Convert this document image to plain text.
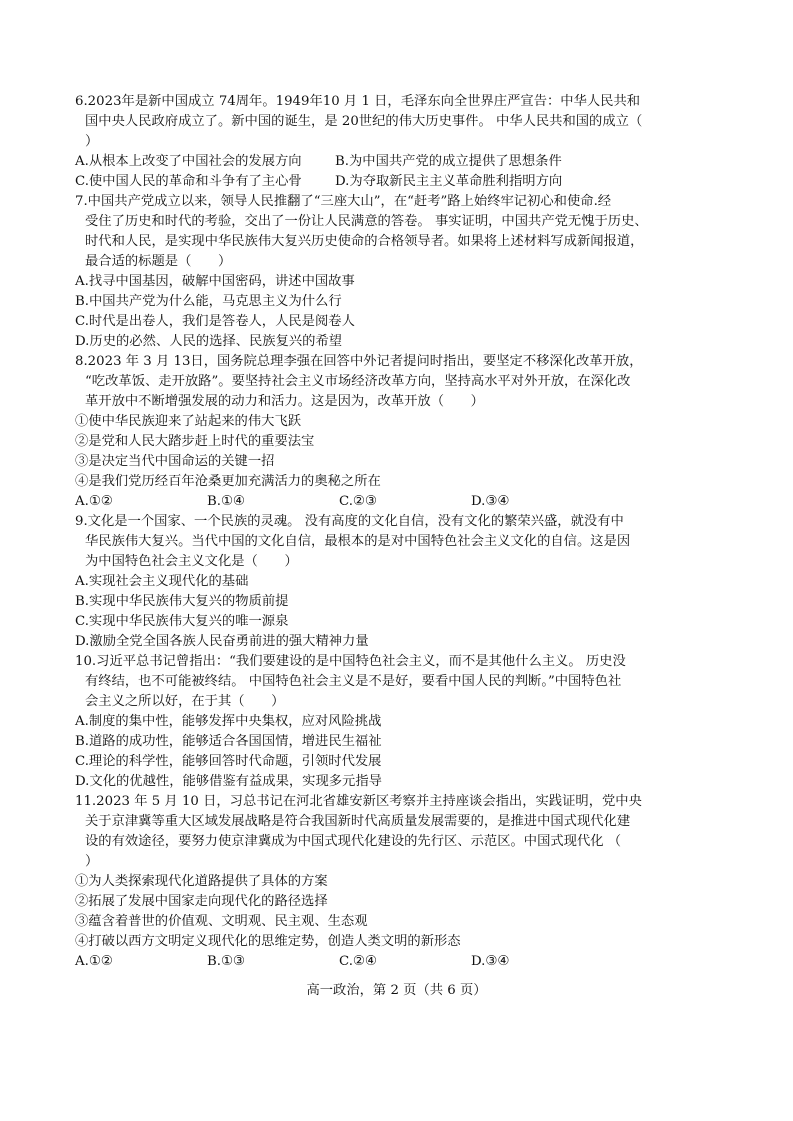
6.2023年是新中国成立 74周年。1949年10 月 1 日，毛泽东向全世界庄严宣告：中华人民共和
国中央人民政府成立了。新中国的诞生，是 20世纪的伟大历史事件。 中华人民共和国的成立（
）
A.从根本上改变了中国社会的发展方向	B.为中国共产党的成立提供了思想条件
C.使中国人民的革命和斗争有了主心骨	D.为夺取新民主主义革命胜利指明方向
7.中国共产党成立以来，领导人民推翻了“三座大山”，在“赶考”路上始终牢记初心和使命.经
受住了历史和时代的考验，交出了一份让人民满意的答卷。 事实证明，中国共产党无愧于历史、
时代和人民，是实现中华民族伟大复兴历史使命的合格领导者。如果将上述材料写成新闻报道，
最合适的标题是（　　）
A.找寻中国基因，破解中国密码，讲述中国故事
B.中国共产党为什么能，马克思主义为什么行
C.时代是出卷人，我们是答卷人，人民是阅卷人
D.历史的必然、人民的选择、民族复兴的希望
8.2023 年 3 月 13日，国务院总理李强在回答中外记者提问时指出，要坚定不移深化改革开放，
“吃改革饭、走开放路”。要坚持社会主义市场经济改革方向，坚持高水平对外开放，在深化改
革开放中不断增强发展的动力和活力。这是因为，改革开放（　　）
①使中华民族迎来了站起来的伟大飞跃
②是党和人民大踏步赶上时代的重要法宝
③是决定当代中国命运的关键一招
④是我们党历经百年沧桑更加充满活力的奥秘之所在
A.①②	B.①④	C.②③	D.③④
9.文化是一个国家、一个民族的灵魂。 没有高度的文化自信，没有文化的繁荣兴盛，就没有中
华民族伟大复兴。当代中国的文化自信，最根本的是对中国特色社会主义文化的自信。这是因
为中国特色社会主义文化是（　　）
A.实现社会主义现代化的基础
B.实现中华民族伟大复兴的物质前提
C.实现中华民族伟大复兴的唯一源泉
D.激励全党全国各族人民奋勇前进的强大精神力量
10.习近平总书记曾指出：“我们要建设的是中国特色社会主义，而不是其他什么主义。 历史没
有终结，也不可能被终结。 中国特色社会主义是不是好，要看中国人民的判断。”中国特色社
会主义之所以好，在于其（　　）
A.制度的集中性，能够发挥中央集权，应对风险挑战
B.道路的成功性，能够适合各国国情，增进民生福祉
C.理论的科学性，能够回答时代命题，引领时代发展
D.文化的优越性，能够借鉴有益成果，实现多元指导
11.2023 年 5 月 10 日，习总书记在河北省雄安新区考察并主持座谈会指出，实践证明，党中央
关于京津冀等重大区域发展战略是符合我国新时代高质量发展需要的，是推进中国式现代化建
设的有效途径，要努力使京津冀成为中国式现代化建设的先行区、示范区。中国式现代化 （
）
①为人类探索现代化道路提供了具体的方案
②拓展了发展中国家走向现代化的路径选择
③蕴含着普世的价值观、文明观、民主观、生态观
④打破以西方文明定义现代化的思维定势，创造人类文明的新形态
A.①②	B.①③	C.②④	D.③④
高一政治，第 2 页（共 6 页）
